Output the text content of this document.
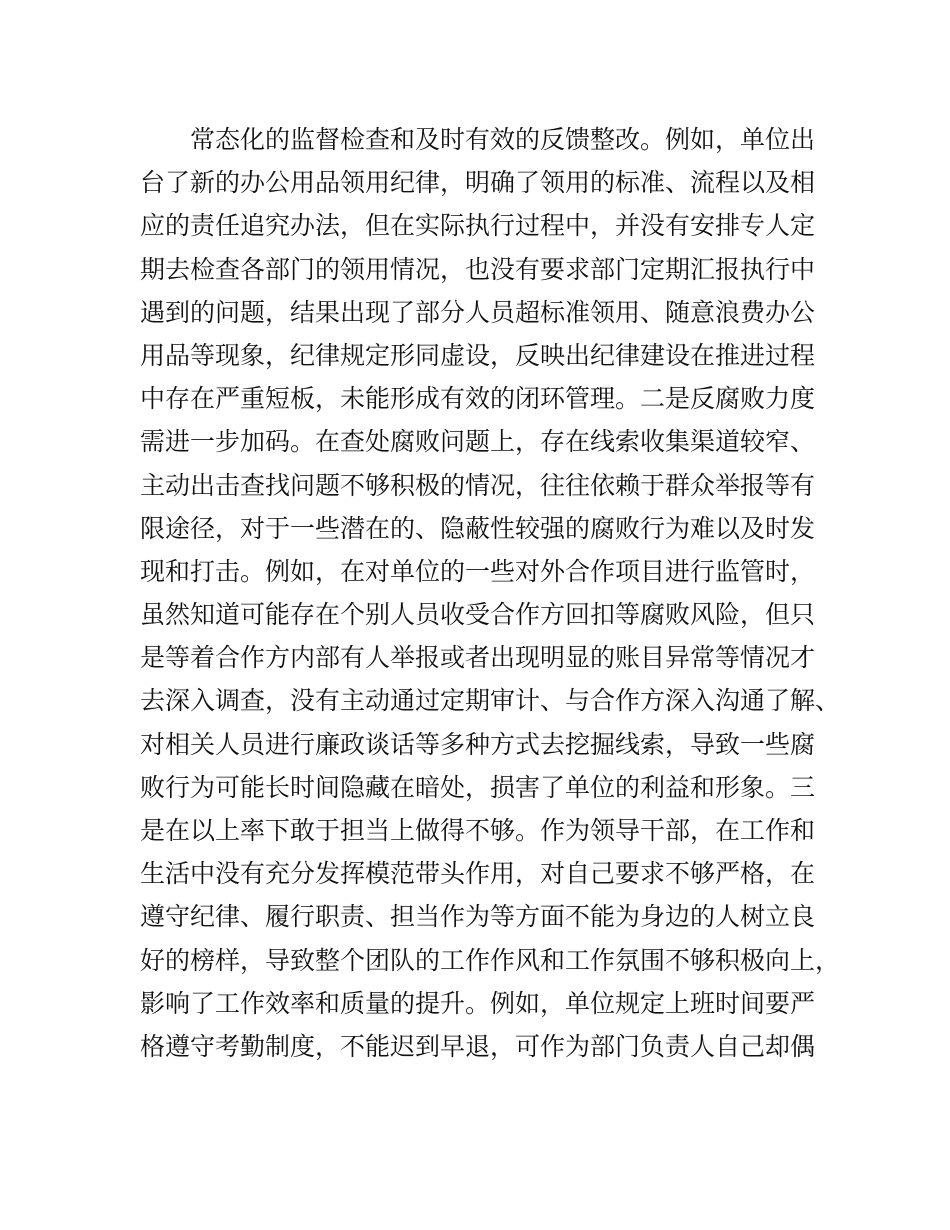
　　常态化的监督检查和及时有效的反馈整改。例如，单位出
台了新的办公用品领用纪律，明确了领用的标准、流程以及相
应的责任追究办法，但在实际执行过程中，并没有安排专人定
期去检查各部门的领用情况，也没有要求部门定期汇报执行中
遇到的问题，结果出现了部分人员超标准领用、随意浪费办公
用品等现象，纪律规定形同虚设，反映出纪律建设在推进过程
中存在严重短板，未能形成有效的闭环管理。二是反腐败力度
需进一步加码。在查处腐败问题上，存在线索收集渠道较窄、
主动出击查找问题不够积极的情况，往往依赖于群众举报等有
限途径，对于一些潜在的、隐蔽性较强的腐败行为难以及时发
现和打击。例如，在对单位的一些对外合作项目进行监管时，
虽然知道可能存在个别人员收受合作方回扣等腐败风险，但只
是等着合作方内部有人举报或者出现明显的账目异常等情况才
去深入调查，没有主动通过定期审计、与合作方深入沟通了解、
对相关人员进行廉政谈话等多种方式去挖掘线索，导致一些腐
败行为可能长时间隐藏在暗处，损害了单位的利益和形象。三
是在以上率下敢于担当上做得不够。作为领导干部，在工作和
生活中没有充分发挥模范带头作用，对自己要求不够严格，在
遵守纪律、履行职责、担当作为等方面不能为身边的人树立良
好的榜样，导致整个团队的工作作风和工作氛围不够积极向上，
影响了工作效率和质量的提升。例如，单位规定上班时间要严
格遵守考勤制度，不能迟到早退，可作为部门负责人自己却偶
